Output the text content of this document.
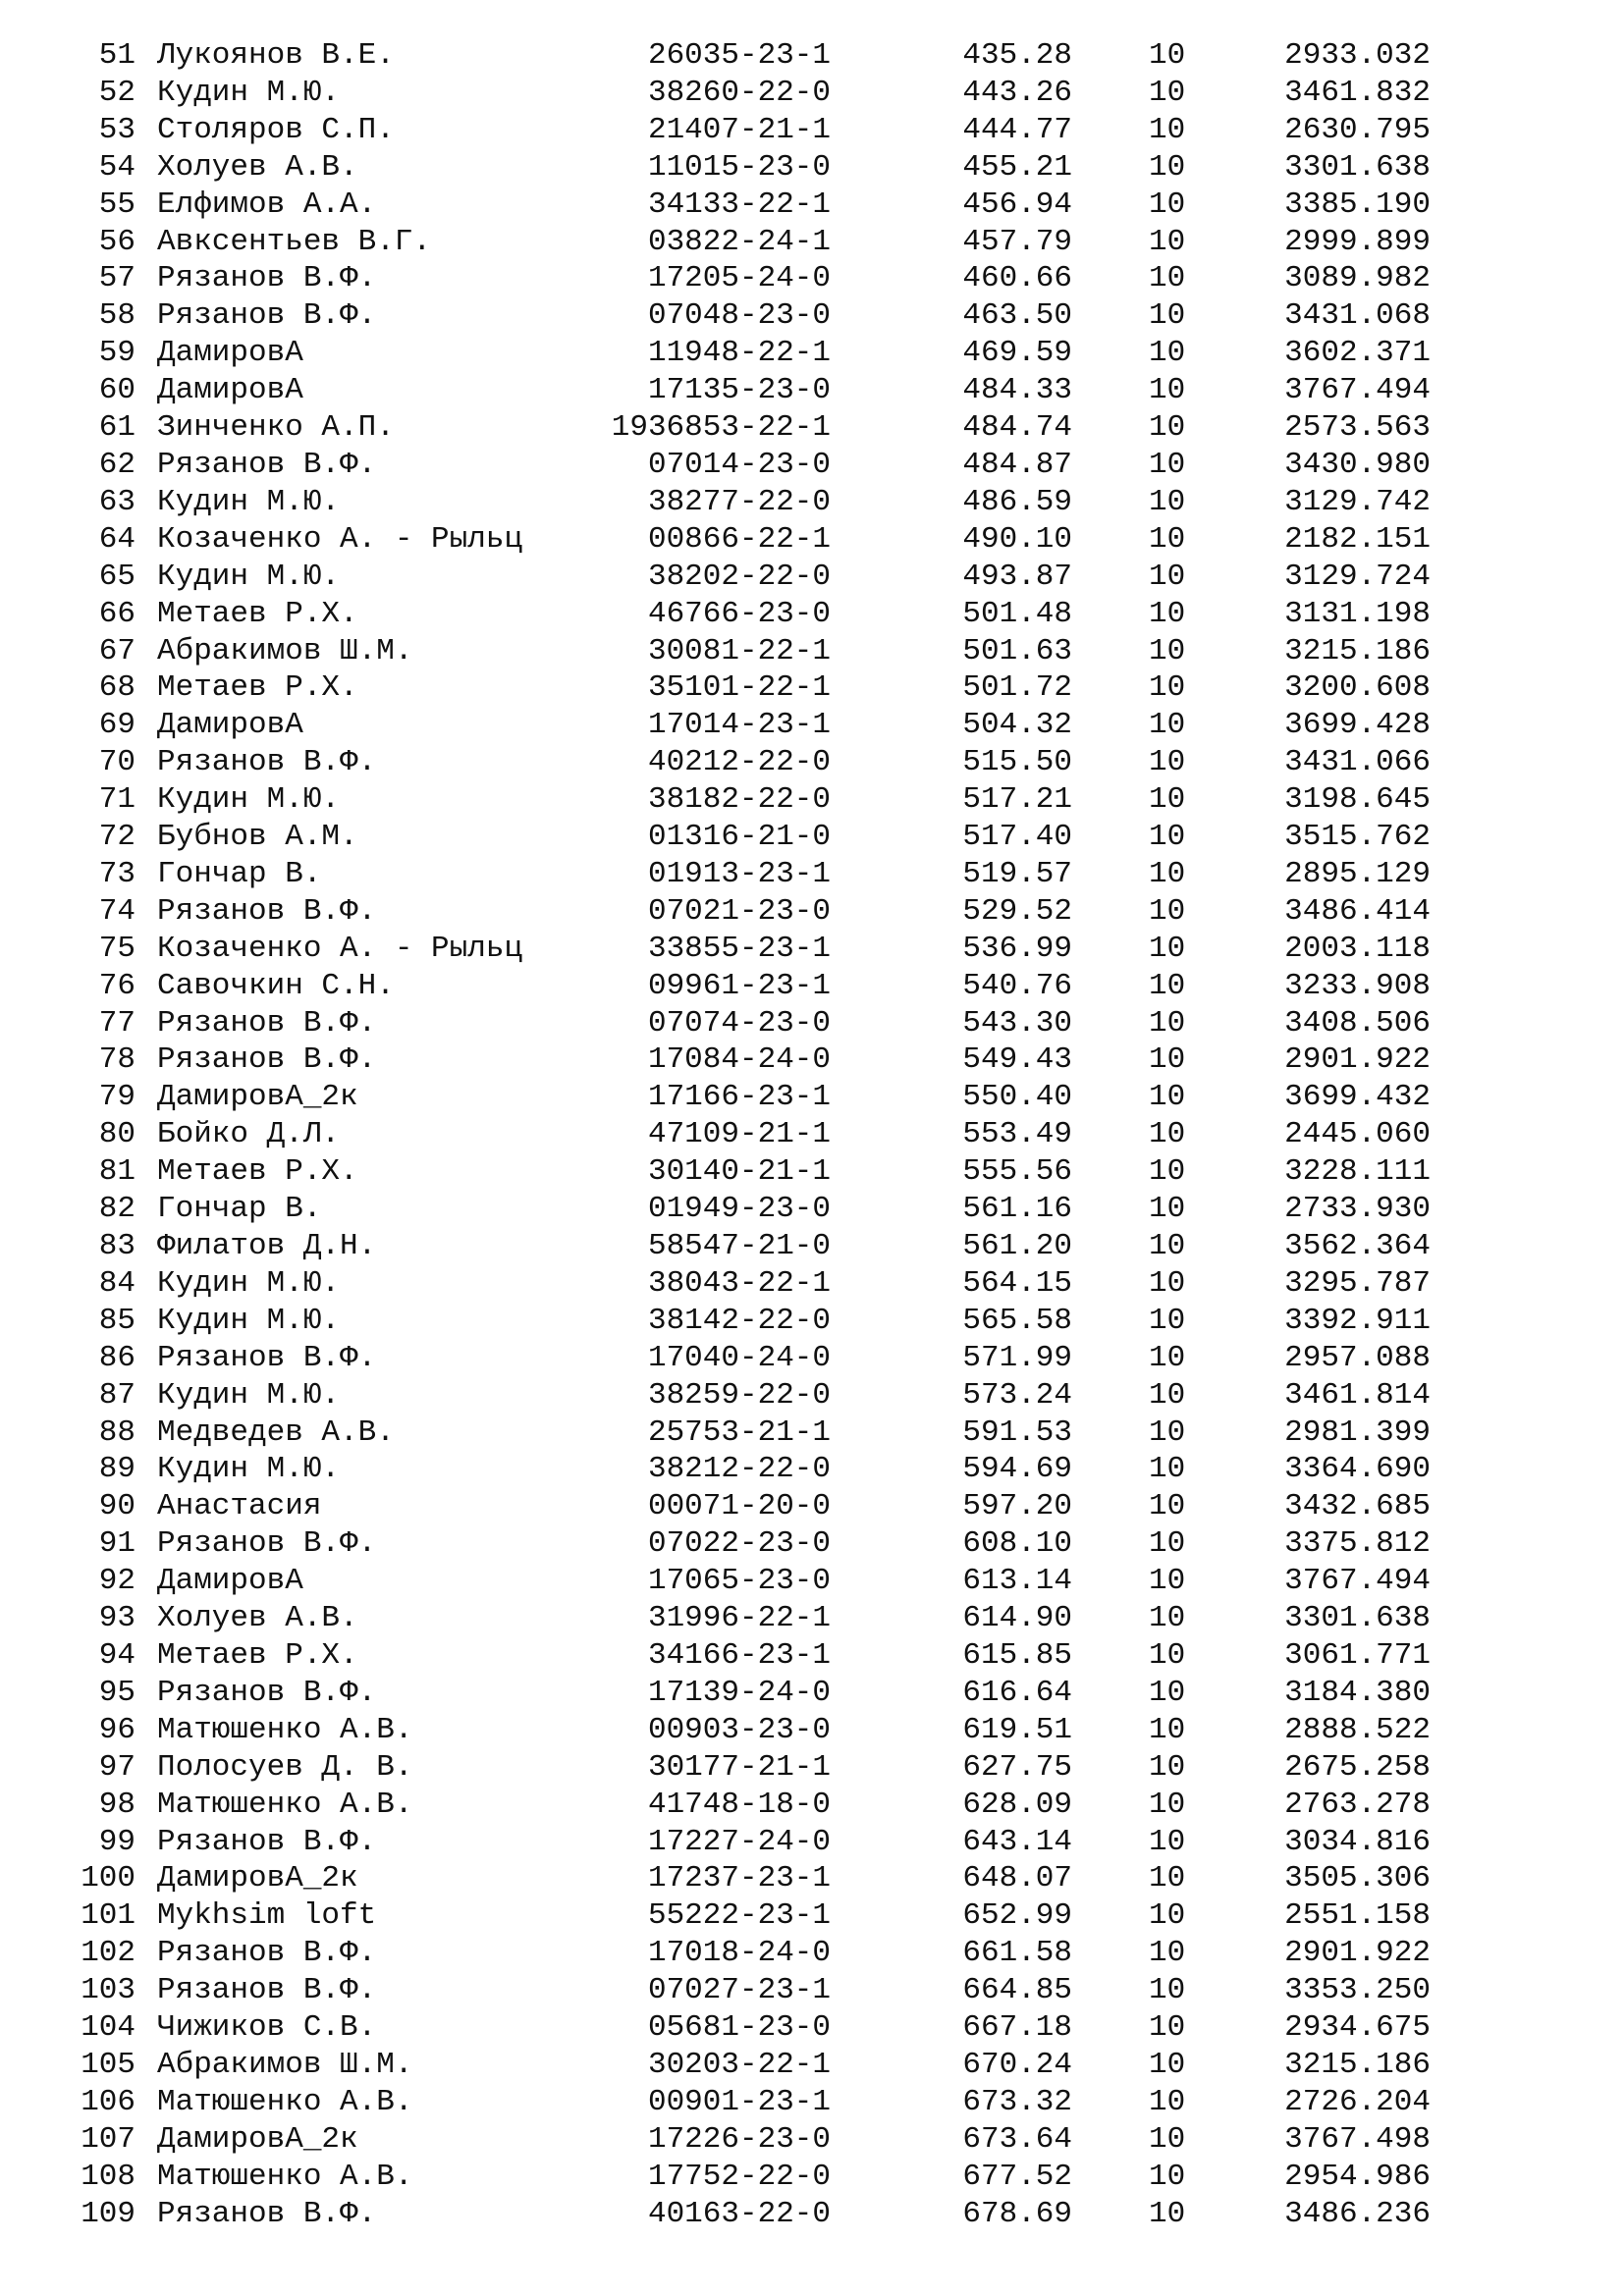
51 Лукоянов В.Е.	26035-23-1	435.28	10	2933.032
52 Кудин М.Ю.	38260-22-0	443.26	10	3461.832
53 Столяров С.П.	21407-21-1	444.77	10	2630.795
54 Холуев А.В.	11015-23-0	455.21	10	3301.638
55 Елфимов А.А.	34133-22-1	456.94	10	3385.190
56 Авксентьев В.Г.	03822-24-1	457.79	10	2999.899
57 Рязанов В.Ф.	17205-24-0	460.66	10	3089.982
58 Рязанов В.Ф.	07048-23-0	463.50	10	3431.068
59 ДамировА	11948-22-1	469.59	10	3602.371
60 ДамировА	17135-23-0	484.33	10	3767.494
61 Зинченко А.П.	1936853-22-1	484.74	10	2573.563
62 Рязанов В.Ф.	07014-23-0	484.87	10	3430.980
63 Кудин М.Ю.	38277-22-0	486.59	10	3129.742
64 Козаченко А. - Рыльц	00866-22-1	490.10	10	2182.151
65 Кудин М.Ю.	38202-22-0	493.87	10	3129.724
66 Метаев Р.Х.	46766-23-0	501.48	10	3131.198
67 Абракимов Ш.М.	30081-22-1	501.63	10	3215.186
68 Метаев Р.Х.	35101-22-1	501.72	10	3200.608
69 ДамировА	17014-23-1	504.32	10	3699.428
70 Рязанов В.Ф.	40212-22-0	515.50	10	3431.066
71 Кудин М.Ю.	38182-22-0	517.21	10	3198.645
72 Бубнов А.М.	01316-21-0	517.40	10	3515.762
73 Гончар В.	01913-23-1	519.57	10	2895.129
74 Рязанов В.Ф.	07021-23-0	529.52	10	3486.414
75 Козаченко А. - Рыльц	33855-23-1	536.99	10	2003.118
76 Савочкин С.Н.	09961-23-1	540.76	10	3233.908
77 Рязанов В.Ф.	07074-23-0	543.30	10	3408.506
78 Рязанов В.Ф.	17084-24-0	549.43	10	2901.922
79 ДамировА_2к	17166-23-1	550.40	10	3699.432
80 Бойко Д.Л.	47109-21-1	553.49	10	2445.060
81 Метаев Р.Х.	30140-21-1	555.56	10	3228.111
82 Гончар В.	01949-23-0	561.16	10	2733.930
83 Филатов Д.Н.	58547-21-0	561.20	10	3562.364
84 Кудин М.Ю.	38043-22-1	564.15	10	3295.787
85 Кудин М.Ю.	38142-22-0	565.58	10	3392.911
86 Рязанов В.Ф.	17040-24-0	571.99	10	2957.088
87 Кудин М.Ю.	38259-22-0	573.24	10	3461.814
88 Медведев А.В.	25753-21-1	591.53	10	2981.399
89 Кудин М.Ю.	38212-22-0	594.69	10	3364.690
90 Анастасия	00071-20-0	597.20	10	3432.685
91 Рязанов В.Ф.	07022-23-0	608.10	10	3375.812
92 ДамировА	17065-23-0	613.14	10	3767.494
93 Холуев А.В.	31996-22-1	614.90	10	3301.638
94 Метаев Р.Х.	34166-23-1	615.85	10	3061.771
95 Рязанов В.Ф.	17139-24-0	616.64	10	3184.380
96 Матюшенко А.В.	00903-23-0	619.51	10	2888.522
97 Полосуев Д. В.	30177-21-1	627.75	10	2675.258
98 Матюшенко А.В.	41748-18-0	628.09	10	2763.278
99 Рязанов В.Ф.	17227-24-0	643.14	10	3034.816
100 ДамировА_2к	17237-23-1	648.07	10	3505.306
101 Mykhsim loft	55222-23-1	652.99	10	2551.158
102 Рязанов В.Ф.	17018-24-0	661.58	10	2901.922
103 Рязанов В.Ф.	07027-23-1	664.85	10	3353.250
104 Чижиков С.В.	05681-23-0	667.18	10	2934.675
105 Абракимов Ш.М.	30203-22-1	670.24	10	3215.186
106 Матюшенко А.В.	00901-23-1	673.32	10	2726.204
107 ДамировА_2к	17226-23-0	673.64	10	3767.498
108 Матюшенко А.В.	17752-22-0	677.52	10	2954.986
109 Рязанов В.Ф.	40163-22-0	678.69	10	3486.236
